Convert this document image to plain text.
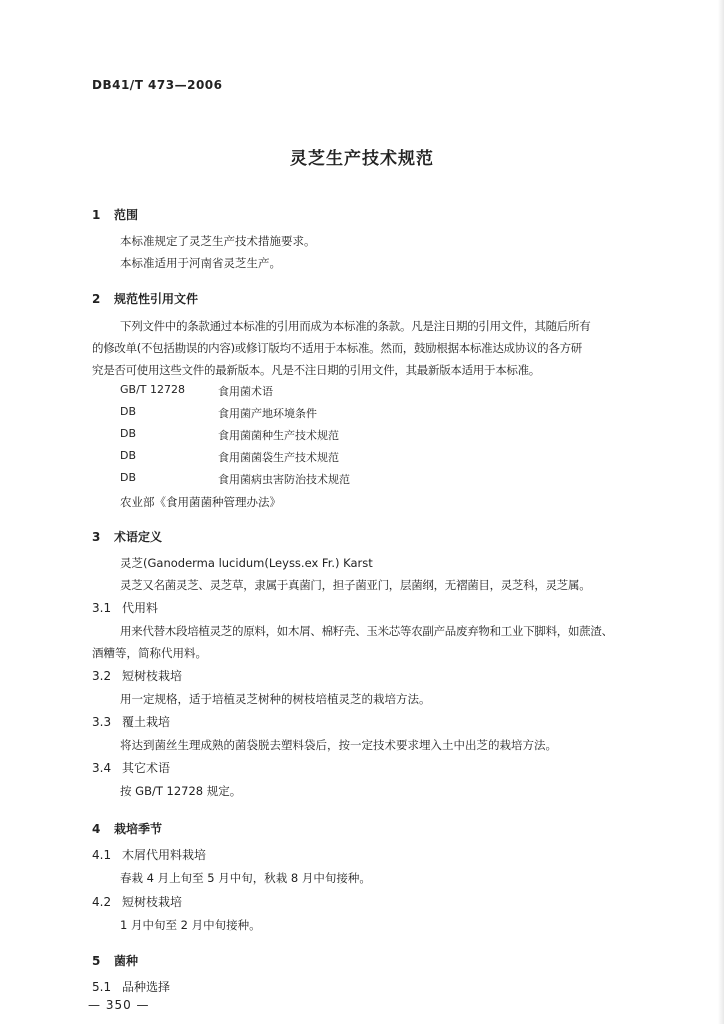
DB41/T 473—2006
灵芝生产技术规范
1 范围
本标准规定了灵芝生产技术措施要求。
本标准适用于河南省灵芝生产。
2 规范性引用文件
下列文件中的条款通过本标准的引用而成为本标准的条款。凡是注日期的引用文件，其随后所有
的修改单(不包括勘误的内容)或修订版均不适用于本标准。然而，鼓励根据本标准达成协议的各方研
究是否可使用这些文件的最新版本。凡是不注日期的引用文件，其最新版本适用于本标准。
GB/T 12728	食用菌术语
DB	食用菌产地环境条件
DB	食用菌菌种生产技术规范
DB	食用菌菌袋生产技术规范
DB	食用菌病虫害防治技术规范
农业部《食用菌菌种管理办法》
3 术语定义
灵芝(Ganoderma lucidum(Leyss.ex Fr.) Karst
灵芝又名菌灵芝、灵芝草，隶属于真菌门，担子菌亚门，层菌纲，无褶菌目，灵芝科，灵芝属。
3.1 代用料
用来代替木段培植灵芝的原料，如木屑、棉籽壳、玉米芯等农副产品废弃物和工业下脚料，如蔗渣、
酒糟等，简称代用料。
3.2 短树枝栽培
用一定规格，适于培植灵芝树种的树枝培植灵芝的栽培方法。
3.3 覆土栽培
将达到菌丝生理成熟的菌袋脱去塑料袋后，按一定技术要求埋入土中出芝的栽培方法。
3.4 其它术语
按 GB/T 12728 规定。
4 栽培季节
4.1 木屑代用料栽培
春栽 4 月上旬至 5 月中旬，秋栽 8 月中旬接种。
4.2 短树枝栽培
1 月中旬至 2 月中旬接种。
5 菌种
5.1 品种选择
— 350 —
